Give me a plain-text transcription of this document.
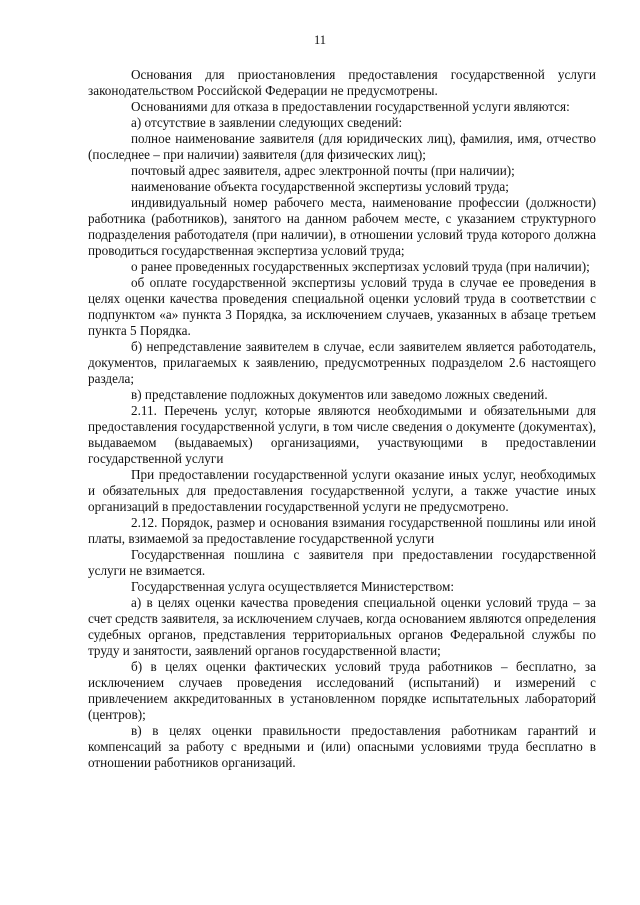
11

Основания для приостановления предоставления государственной услуги законодательством Российской Федерации не предусмотрены.

Основаниями для отказа в предоставлении государственной услуги являются:

а) отсутствие в заявлении следующих сведений:

полное наименование заявителя (для юридических лиц), фамилия, имя, отчество (последнее – при наличии) заявителя (для физических лиц);

почтовый адрес заявителя, адрес электронной почты (при наличии);

наименование объекта государственной экспертизы условий труда;

индивидуальный номер рабочего места, наименование профессии (должности) работника (работников), занятого на данном рабочем месте, с указанием структурного подразделения работодателя (при наличии), в отношении условий труда которого должна проводиться государственная экспертиза условий труда;

о ранее проведенных государственных экспертизах условий труда (при наличии);

об оплате государственной экспертизы условий труда в случае ее проведения в целях оценки качества проведения специальной оценки условий труда в соответствии с подпунктом «а» пункта 3 Порядка, за исключением случаев, указанных в абзаце третьем пункта 5 Порядка.

б) непредставление заявителем в случае, если заявителем является работодатель, документов, прилагаемых к заявлению, предусмотренных подразделом 2.6 настоящего раздела;

в) представление подложных документов или заведомо ложных сведений.

2.11. Перечень услуг, которые являются необходимыми и обязательными для предоставления государственной услуги, в том числе сведения о документе (документах), выдаваемом (выдаваемых) организациями, участвующими в предоставлении государственной услуги

При предоставлении государственной услуги оказание иных услуг, необходимых и обязательных для предоставления государственной услуги, а также участие иных организаций в предоставлении государственной услуги не предусмотрено.

2.12. Порядок, размер и основания взимания государственной пошлины или иной платы, взимаемой за предоставление государственной услуги

Государственная пошлина с заявителя при предоставлении государственной услуги не взимается.

Государственная услуга осуществляется Министерством:

а) в целях оценки качества проведения специальной оценки условий труда – за счет средств заявителя, за исключением случаев, когда основанием являются определения судебных органов, представления территориальных органов Федеральной службы по труду и занятости, заявлений органов государственной власти;

б) в целях оценки фактических условий труда работников – бесплатно, за исключением случаев проведения исследований (испытаний) и измерений с привлечением аккредитованных в установленном порядке испытательных лабораторий (центров);

в) в целях оценки правильности предоставления работникам гарантий и компенсаций за работу с вредными и (или) опасными условиями труда бесплатно в отношении работников организаций.
